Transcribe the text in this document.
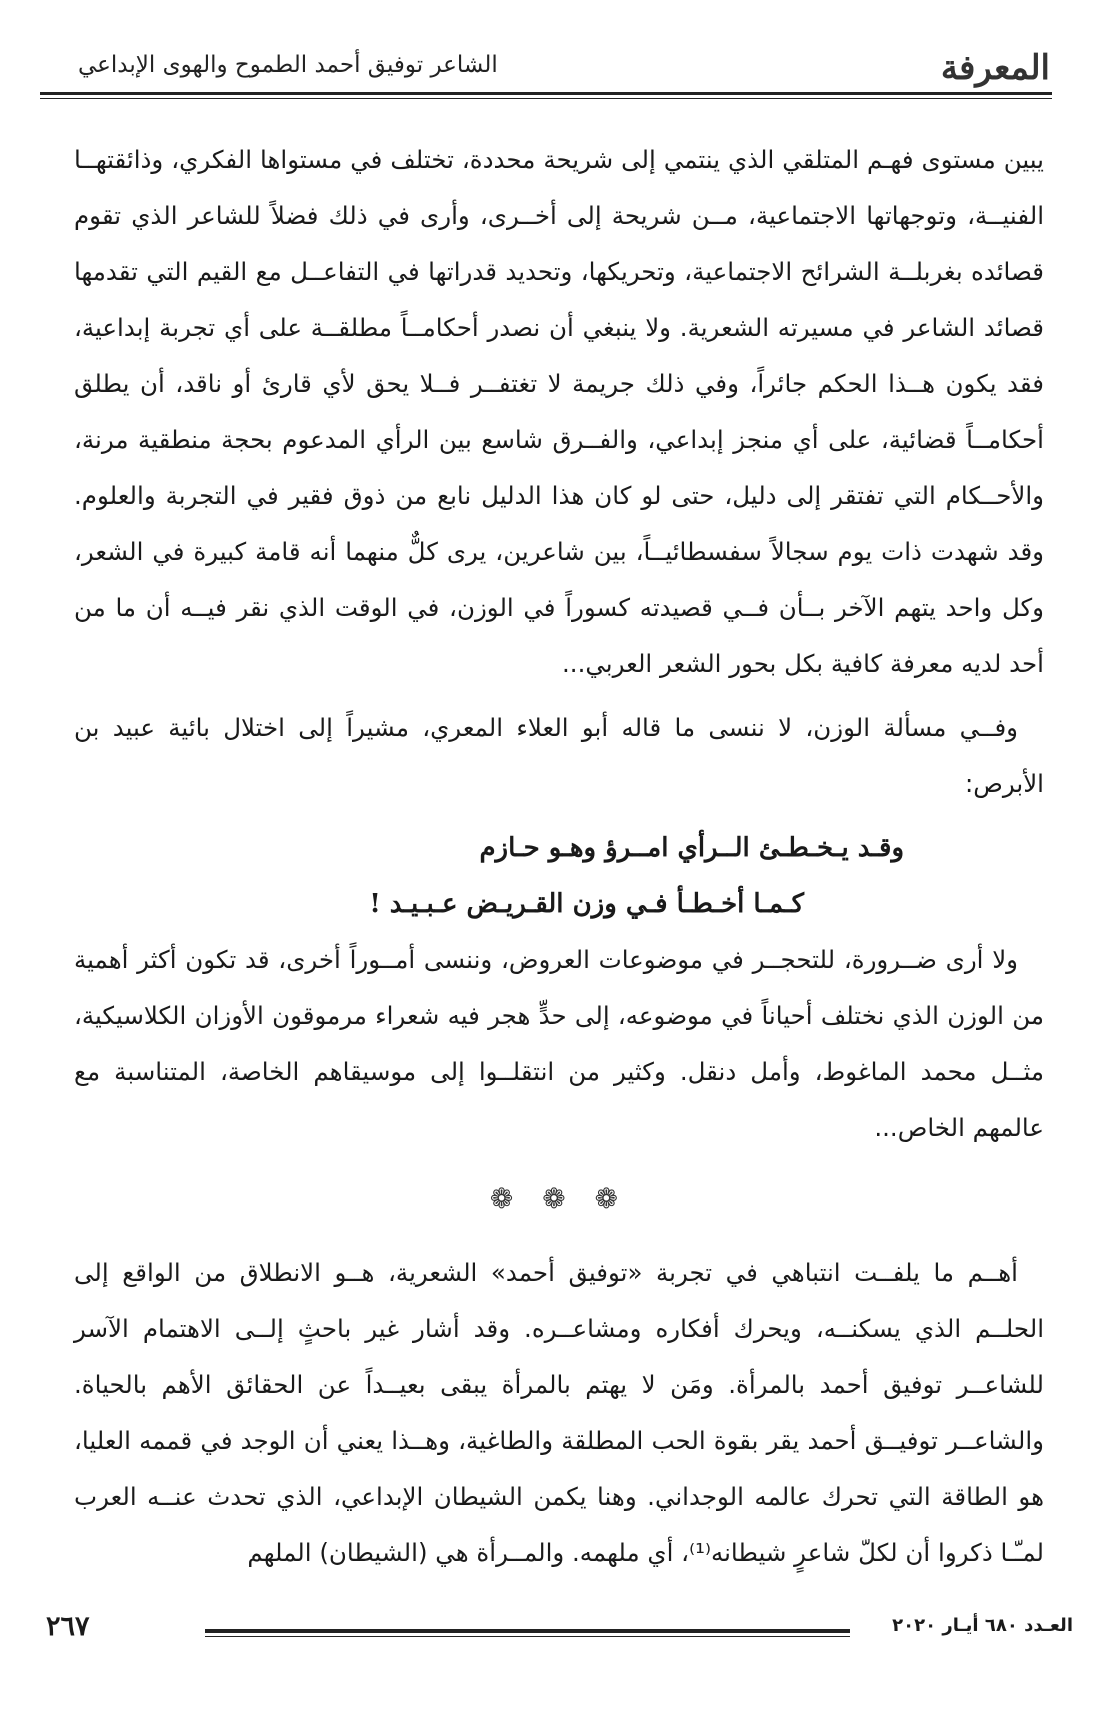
المعرفة
الشاعر توفيق أحمد الطموح والهوى الإبداعي

يبين مستوى فهـم المتلقي الذي ينتمي إلى شريحة محددة، تختلف في مستواها الفكري، وذائقتهــا الفنيــة، وتوجهاتها الاجتماعية، مــن شريحة إلى أخــرى، وأرى في ذلك فضلاً للشاعر الذي تقوم قصائده بغربلــة الشرائح الاجتماعية، وتحريكها، وتحديد قدراتها في التفاعــل مع القيم التي تقدمها قصائد الشاعر في مسيرته الشعرية. ولا ينبغي أن نصدر أحكامــاً مطلقــة على أي تجربة إبداعية، فقد يكون هــذا الحكم جائراً، وفي ذلك جريمة لا تغتفــر فــلا يحق لأي قارئ أو ناقد، أن يطلق أحكامــاً قضائية، على أي منجز إبداعي، والفــرق شاسع بين الرأي المدعوم بحجة منطقية مرنة، والأحــكام التي تفتقر إلى دليل، حتى لو كان هذا الدليل نابع من ذوق فقير في التجربة والعلوم. وقد شهدت ذات يوم سجالاً سفسطائيــاً، بين شاعرين، يرى كلٌّ منهما أنه قامة كبيرة في الشعر، وكل واحد يتهم الآخر بــأن فــي قصيدته كسوراً في الوزن، في الوقت الذي نقر فيــه أن ما من أحد لديه معرفة كافية بكل بحور الشعر العربي...

وفــي مسألة الوزن، لا ننسى ما قاله أبو العلاء المعري، مشيراً إلى اختلال بائية عبيد بن الأبرص:

وقـد يـخـطـئ الــرأي امــرؤ وهـو حـازم

كـمـا أخـطـأ فـي وزن القـريـض عـبـيـد !

ولا أرى ضــرورة، للتحجــر في موضوعات العروض، وننسى أمــوراً أخرى، قد تكون أكثر أهمية من الوزن الذي نختلف أحياناً في موضوعه، إلى حدٍّ هجر فيه شعراء مرموقون الأوزان الكلاسيكية، مثــل محمد الماغوط، وأمل دنقل. وكثير من انتقلــوا إلى موسيقاهم الخاصة، المتناسبة مع عالمهم الخاص...

❁ ❁ ❁

أهــم ما يلفــت انتباهي في تجربة «توفيق أحمد» الشعرية، هــو الانطلاق من الواقع إلى الحلــم الذي يسكنــه، ويحرك أفكاره ومشاعــره. وقد أشار غير باحثٍ إلــى الاهتمام الآسر للشاعــر توفيق أحمد بالمرأة. ومَن لا يهتم بالمرأة يبقى بعيــداً عن الحقائق الأهم بالحياة. والشاعــر توفيــق أحمد يقر بقوة الحب المطلقة والطاغية، وهــذا يعني أن الوجد في قممه العليا، هو الطاقة التي تحرك عالمه الوجداني. وهنا يكمن الشيطان الإبداعي، الذي تحدث عنــه العرب لمـّـا ذكروا أن لكلّ شاعرٍ شيطانه⁽¹⁾، أي ملهمه. والمــرأة هي (الشيطان) الملهم

٢٦٧	العـدد ٦٨٠ أيـار ٢٠٢٠
